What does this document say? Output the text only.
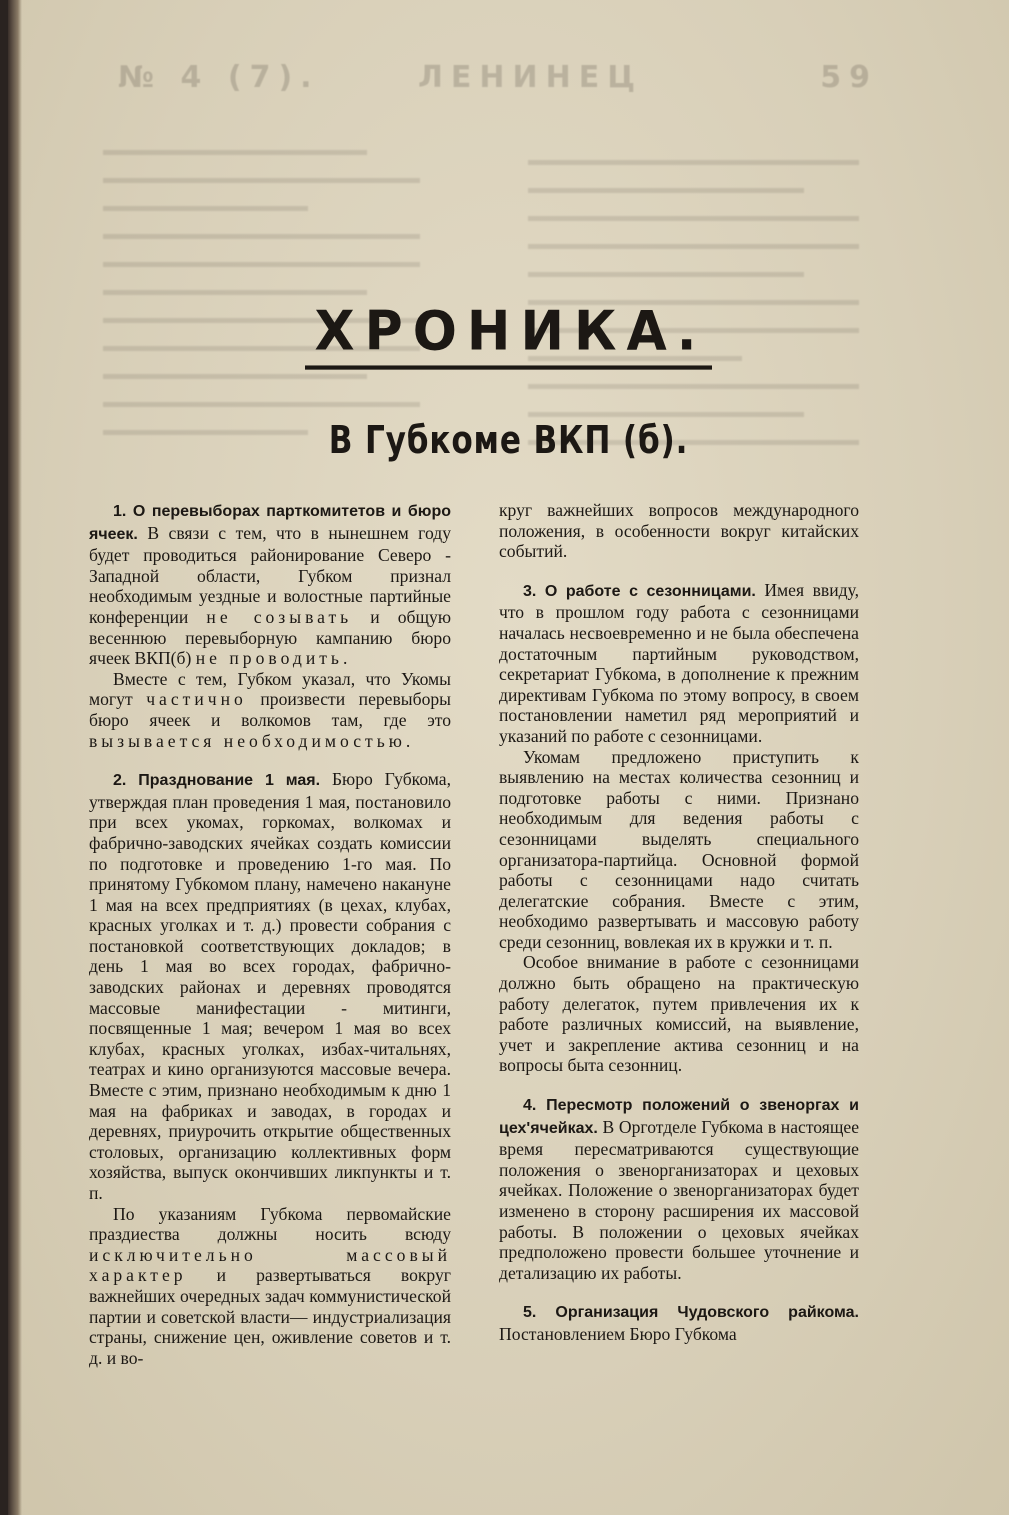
№ 4 (7).	ЛЕНИНЕЦ	59
ХРОНИКА.
В Губкоме ВКП (б).

1. О перевыборах парткомитетов и бюро ячеек. В связи с тем, что в нынешнем году будет проводиться районирование Северо - Западной области, Губком признал необходимым уездные и волостные партийные конференции не созывать и общую весеннюю перевыборную кампанию бюро ячеек ВКП(б) не проводить.

Вместе с тем, Губком указал, что Укомы могут частично произвести перевыборы бюро ячеек и волкомов там, где это вызывается необходимостью.

2. Празднование 1 мая. Бюро Губкома, утверждая план проведения 1 мая, постановило при всех укомах, горкомах, волкомах и фабрично-заводских ячейках создать комиссии по подготовке и проведению 1-го мая. По принятому Губкомом плану, намечено накануне 1 мая на всех предприятиях (в цехах, клубах, красных уголках и т. д.) провести собрания с постановкой соответствующих докладов; в день 1 мая во всех городах, фабрично-заводских районах и деревнях проводятся массовые манифестации - митинги, посвященные 1 мая; вечером 1 мая во всех клубах, красных уголках, избах-читальнях, театрах и кино организуются массовые вечера. Вместе с этим, признано необходимым к дню 1 мая на фабриках и заводах, в городах и деревнях, приурочить открытие общественных столовых, организацию коллективных форм хозяйства, выпуск окончивших ликпункты и т. п.

По указаниям Губкома первомайские праздиества должны носить всюду исключительно массовый характер и развертываться вокруг важнейших очередных задач коммунистической партии и советской власти— индустриализация страны, снижение цен, оживление советов и т. д. и во-

круг важнейших вопросов международного положения, в особенности вокруг китайских событий.

3. О работе с сезонницами. Имея ввиду, что в прошлом году работа с сезонницами началась несвоевременно и не была обеспечена достаточным партийным руководством, секретариат Губкома, в дополнение к прежним директивам Губкома по этому вопросу, в своем постановлении наметил ряд мероприятий и указаний по работе с сезонницами.

Укомам предложено приступить к выявлению на местах количества сезонниц и подготовке работы с ними. Признано необходимым для ведения работы с сезонницами выделять специального организатора-партийца. Основной формой работы с сезонницами надо считать делегатские собрания. Вместе с этим, необходимо развертывать и массовую работу среди сезонниц, вовлекая их в кружки и т. п.

Особое внимание в работе с сезонницами должно быть обращено на практическую работу делегаток, путем привлечения их к работе различных комиссий, на выявление, учет и закрепление актива сезонниц и на вопросы быта сезонниц.

4. Пересмотр положений о звеноргах и цех'ячейках. В Орготделе Губкома в настоящее время пересматриваются существующие положения о звенорганизаторах и цеховых ячейках. Положение о звенорганизаторах будет изменено в сторону расширения их массовой работы. В положении о цеховых ячейках предположено провести большее уточнение и детализацию их работы.

5. Организация Чудовского райкома. Постановлением Бюро Губкома
